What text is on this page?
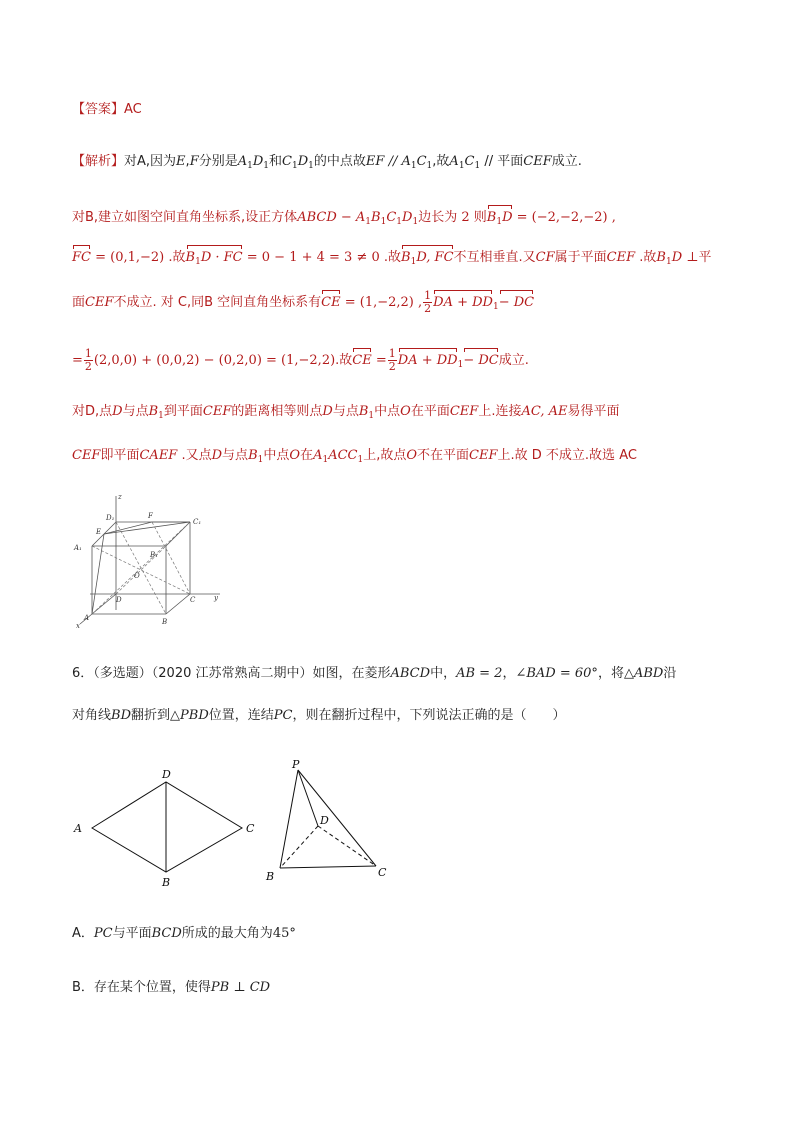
【答案】AC
【解析】对A,因为E,F分别是$A_1D_1$和$C_1D_1$的中点故EF // $A_1C_1$,故$A_1C_1$ // 平面CEF成立.
对B,建立如图空间直角坐标系,设正方体ABCD − $A_1B_1C_1D_1$边长为 2 则$B_1D = (-2,-2,-2)$ ,
FC = (0,1,−2) .故$B_1D$ · FC = 0 − 1 + 4 = 3 ≠ 0 .故$B_1D$, FC不互相垂直.又CF属于平面CEF .故$B_1D$ ⊥平
面CEF不成立. 对 C,同B 空间直角坐标系有CE = (1,−2,2) , $\frac{1}{2}$ DA + $DD_1-$ DC
= $\frac{1}{2} (2,0,0) + (0,0,2) - (0,2,0) = (1,-2,2)$.故CE = $\frac{1}{2}$ DA + $DD_1-$ DC成立.
对D,点D与点$B_1$到平面CEF的距离相等则点D与点$B_1$中点O在平面CEF上.连接AC, AE易得平面
CEF即平面CAEF .又点D与点$B_1$中点O在$A_1ACC_1$上,故点O不在平面CEF上.故 D 不成立.故选 AC
z
y
x
D₁	F
C₁
E
A₁
B₁
O
D	C
A	B
6．（多选题）（2020 江苏常熟高二期中）如图，在菱形ABCD中，AB = 2，∠BAD = 60°，将△ABD沿
对角线BD翻折到△PBD位置，连结PC，则在翻折过程中，下列说法正确的是（　　）
D
A	C
B
P
D
B	C
A．PC与平面BCD所成的最大角为45°
B．存在某个位置，使得PB ⊥ CD
